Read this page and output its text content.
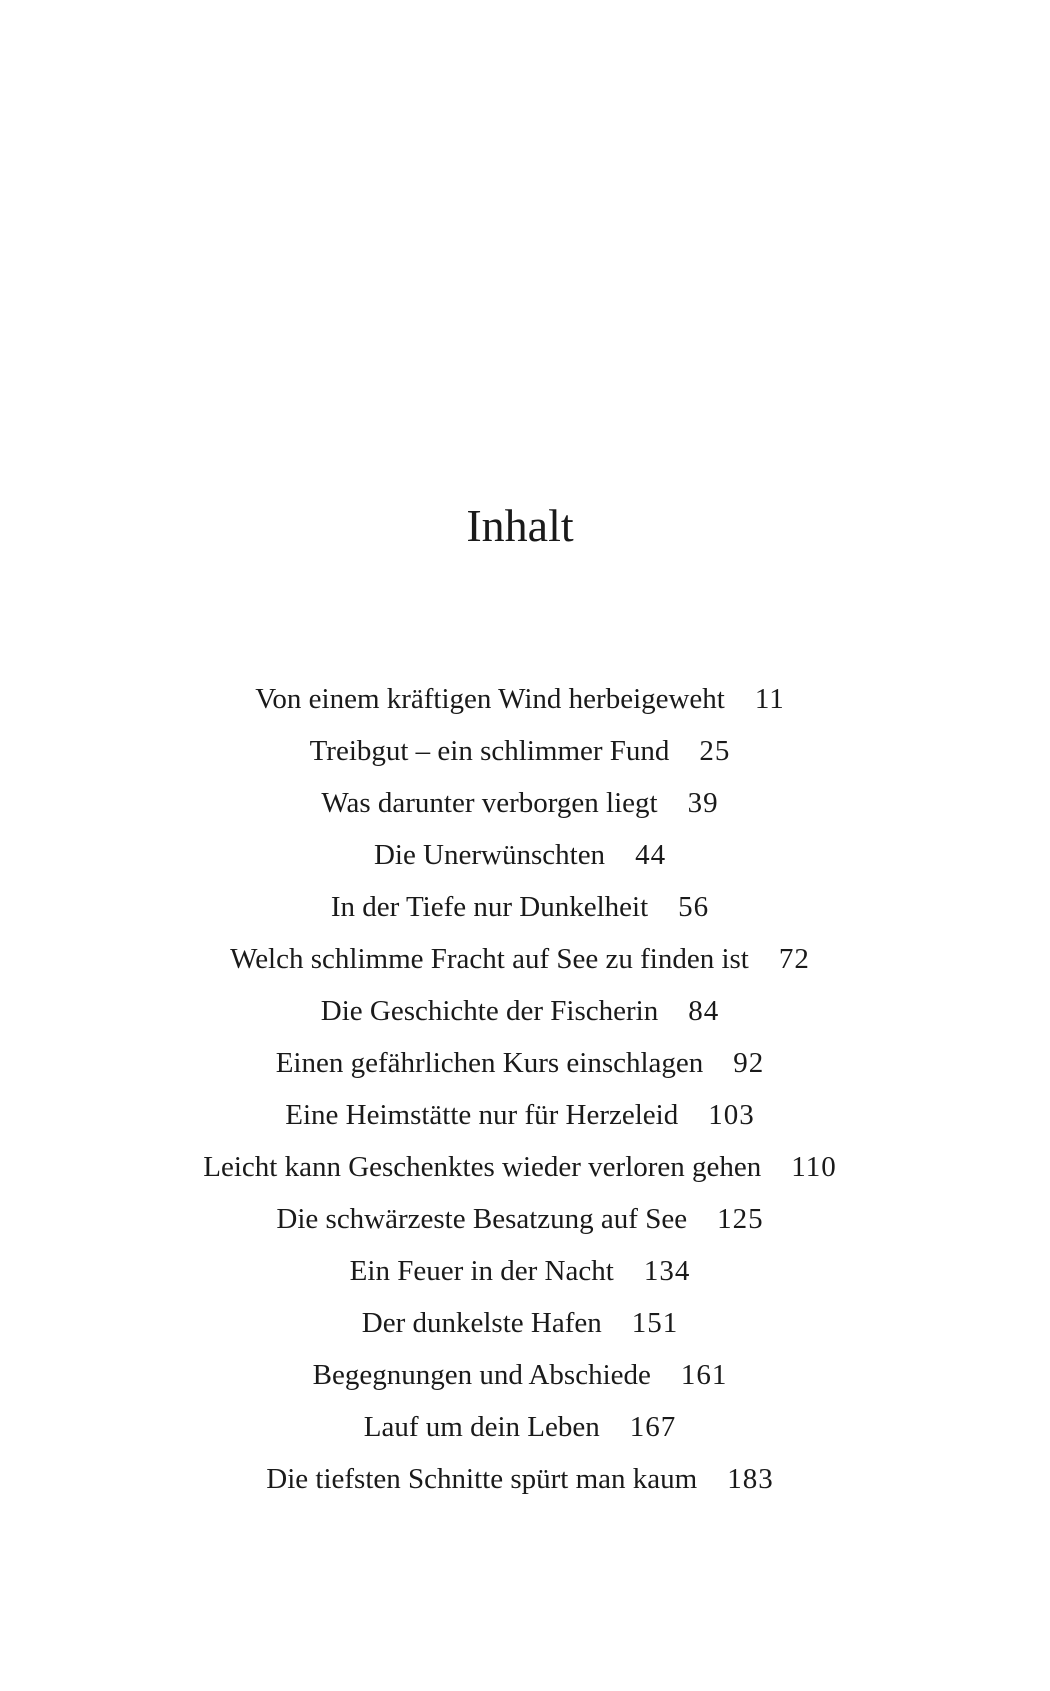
Inhalt
Von einem kräftigen Wind herbeigeweht 11
Treibgut – ein schlimmer Fund 25
Was darunter verborgen liegt 39
Die Unerwünschten 44
In der Tiefe nur Dunkelheit 56
Welch schlimme Fracht auf See zu finden ist 72
Die Geschichte der Fischerin 84
Einen gefährlichen Kurs einschlagen 92
Eine Heimstätte nur für Herzeleid 103
Leicht kann Geschenktes wieder verloren gehen 110
Die schwärzeste Besatzung auf See 125
Ein Feuer in der Nacht 134
Der dunkelste Hafen 151
Begegnungen und Abschiede 161
Lauf um dein Leben 167
Die tiefsten Schnitte spürt man kaum 183
